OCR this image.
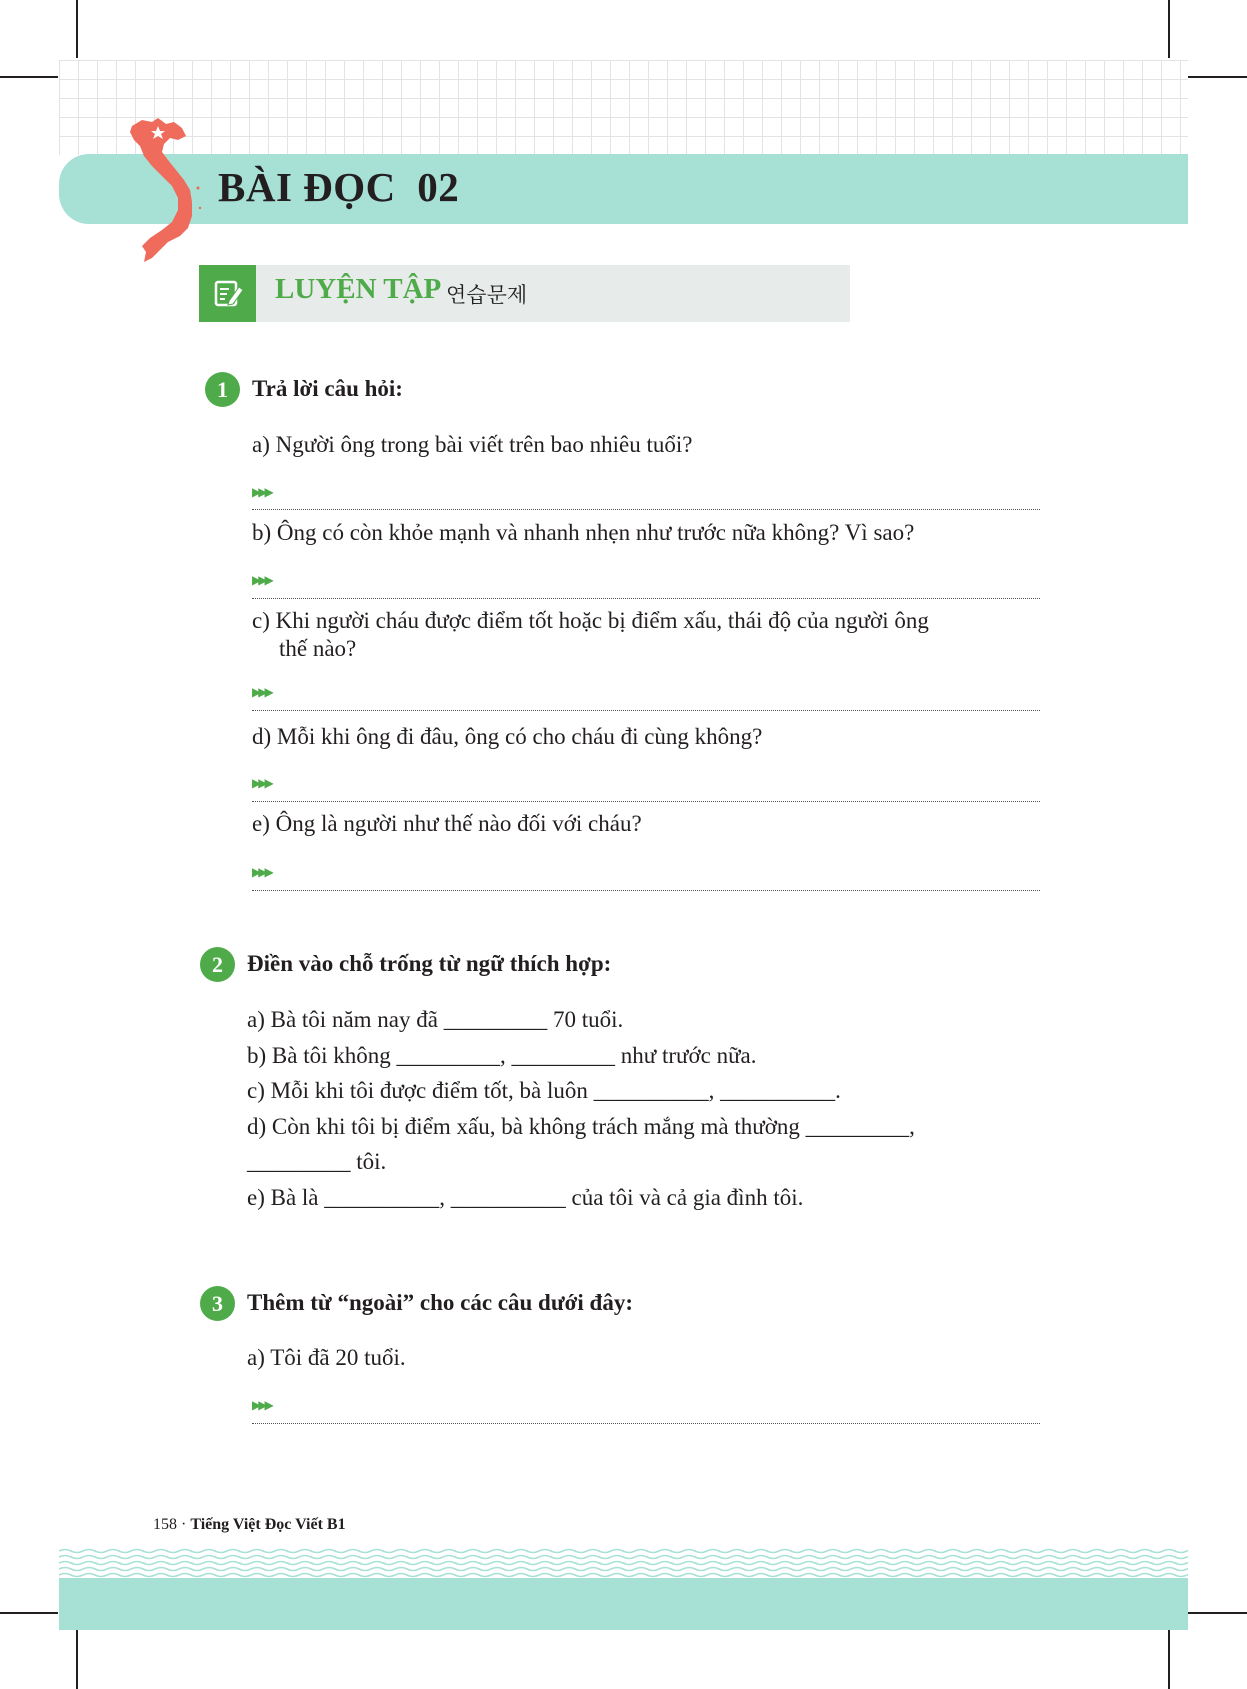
BÀI ĐỌC  02
LUYỆN TẬP 연습문제
1	Trả lời câu hỏi:
a) Người ông trong bài viết trên bao nhiêu tuổi?
▶▶▶
b) Ông có còn khỏe mạnh và nhanh nhẹn như trước nữa không? Vì sao?
▶▶▶
c) Khi người cháu được điểm tốt hoặc bị điểm xấu, thái độ của người ông
thế nào?
▶▶▶
d) Mỗi khi ông đi đâu, ông có cho cháu đi cùng không?
▶▶▶
e) Ông là người như thế nào đối với cháu?
▶▶▶
2	Điền vào chỗ trống từ ngữ thích hợp:
a) Bà tôi năm nay đã _________ 70 tuổi.
b) Bà tôi không _________, _________ như trước nữa.
c) Mỗi khi tôi được điểm tốt, bà luôn __________, __________.
d) Còn khi tôi bị điểm xấu, bà không trách mắng mà thường _________,
_________ tôi.
e) Bà là __________, __________ của tôi và cả gia đình tôi.
3	Thêm từ “ngoài” cho các câu dưới đây:
a) Tôi đã 20 tuổi.
▶▶▶
158 · Tiếng Việt Đọc Viết B1
